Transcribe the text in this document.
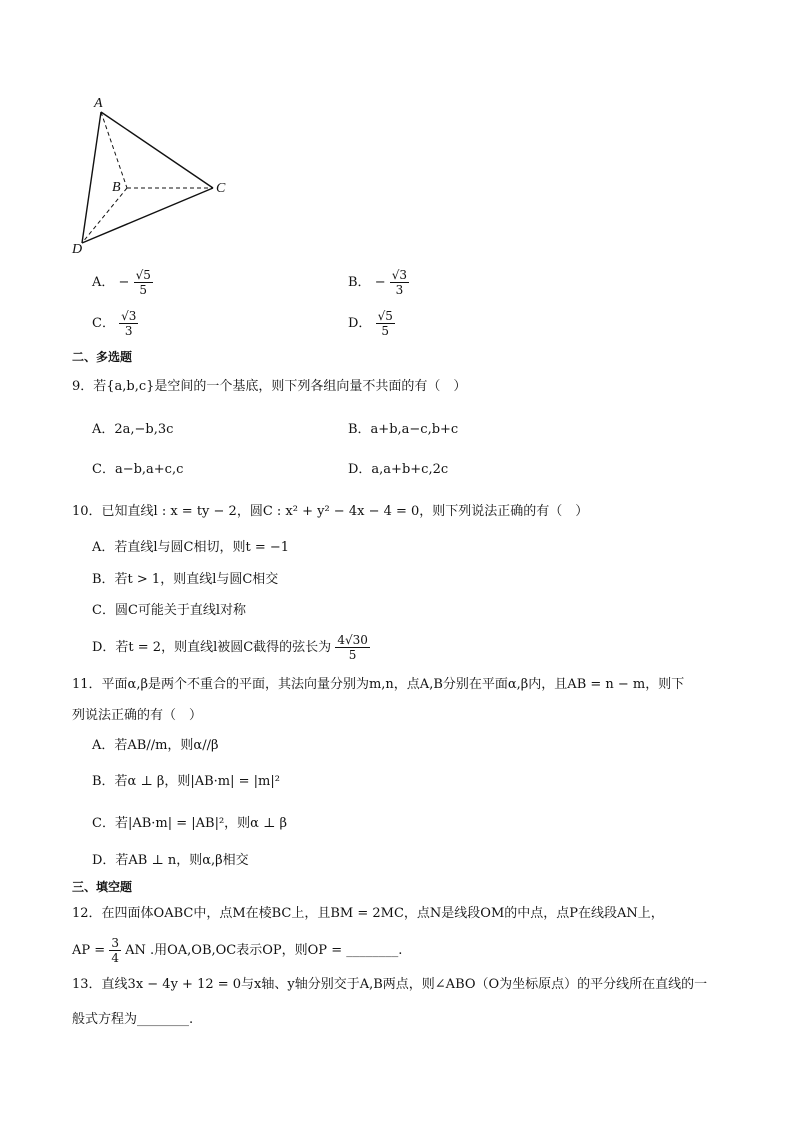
A
B	C
D
A． − $\frac{√5}{5}$	B． − $\frac{√3}{3}$
C． $\frac{√3}{3}$	D． $\frac{√5}{5}$
二、多选题
9．若{a,b,c}是空间的一个基底，则下列各组向量不共面的有（　）
A．2a,−b,3c	B．a+b,a−c,b+c
C．a−b,a+c,c	D．a,a+b+c,2c
10．已知直线l : x = ty − 2，圆C : x² + y² − 4x − 4 = 0，则下列说法正确的有（　）
A．若直线l与圆C相切，则t = −1
B．若t > 1，则直线l与圆C相交
C．圆C可能关于直线l对称
D．若t = 2，则直线l被圆C截得的弦长为 $\frac{4√30}{5}$
11．平面α,β是两个不重合的平面，其法向量分别为m,n，点A,B分别在平面α,β内，且AB = n − m，则下
列说法正确的有（　）
A．若AB//m，则α//β
B．若α ⊥ β，则|AB·m| = |m|²
C．若|AB·m| = |AB|²，则α ⊥ β
D．若AB ⊥ n，则α,β相交
三、填空题
12．在四面体OABC中，点M在棱BC上，且BM = 2MC，点N是线段OM的中点，点P在线段AN上，
AP = $\frac{3}{4}$ AN .用OA,OB,OC表示OP，则OP = ________.
13．直线3x − 4y + 12 = 0与x轴、y轴分别交于A,B两点，则∠ABO（O为坐标原点）的平分线所在直线的一
般式方程为________.
